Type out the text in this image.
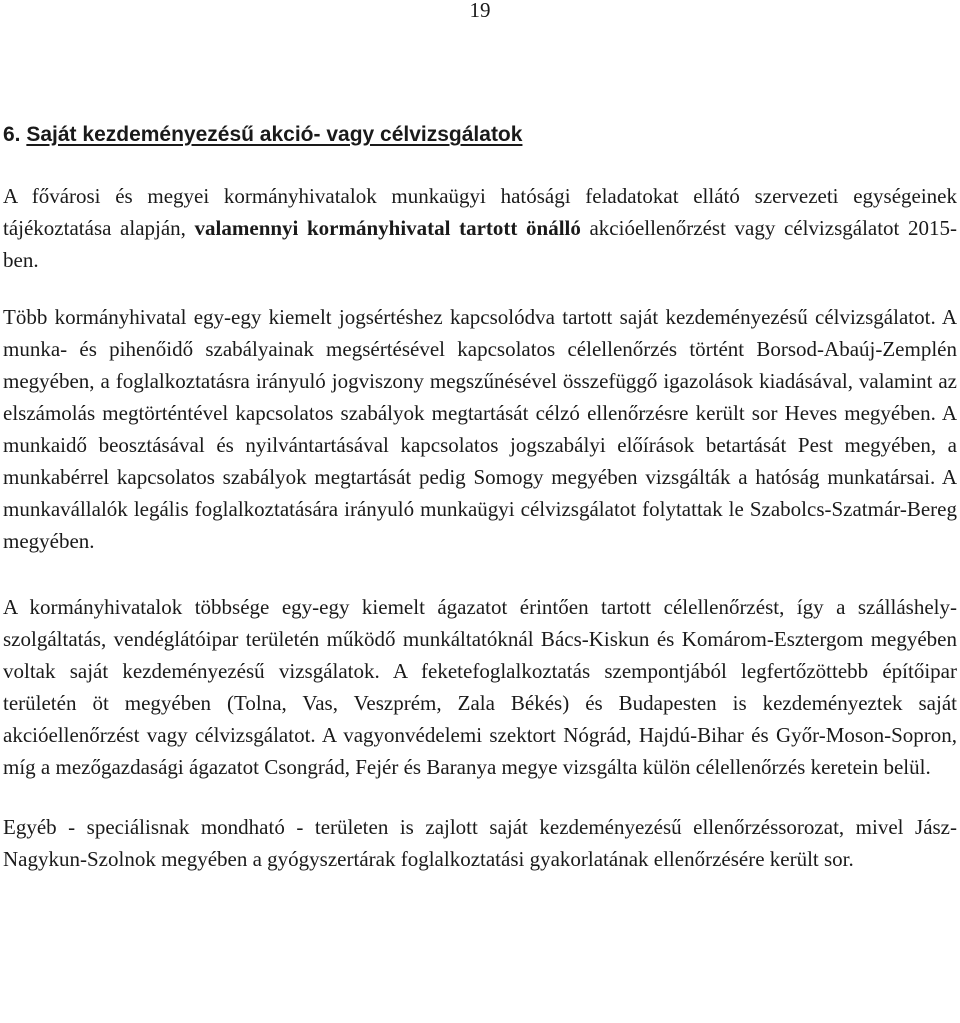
19
6. Saját kezdeményezésű akció- vagy célvizsgálatok

A fővárosi és megyei kormányhivatalok munkaügyi hatósági feladatokat ellátó szervezeti egységeinek tájékoztatása alapján, valamennyi kormányhivatal tartott önálló akcióellenőrzést vagy célvizsgálatot 2015-ben.

Több kormányhivatal egy-egy kiemelt jogsértéshez kapcsolódva tartott saját kezdeményezésű célvizsgálatot. A munka- és pihenőidő szabályainak megsértésével kapcsolatos célellenőrzés történt Borsod-Abaúj-Zemplén megyében, a foglalkoztatásra irányuló jogviszony megszűnésével összefüggő igazolások kiadásával, valamint az elszámolás megtörténtével kapcsolatos szabályok megtartását célzó ellenőrzésre került sor Heves megyében. A munkaidő beosztásával és nyilvántartásával kapcsolatos jogszabályi előírások betartását Pest megyében, a munkabérrel kapcsolatos szabályok megtartását pedig Somogy megyében vizsgálták a hatóság munkatársai. A munkavállalók legális foglalkoztatására irányuló munkaügyi célvizsgálatot folytattak le Szabolcs-Szatmár-Bereg megyében.

A kormányhivatalok többsége egy-egy kiemelt ágazatot érintően tartott célellenőrzést, így a szálláshely-szolgáltatás, vendéglátóipar területén működő munkáltatóknál Bács-Kiskun és Komárom-Esztergom megyében voltak saját kezdeményezésű vizsgálatok. A feketefoglalkoztatás szempontjából legfertőzöttebb építőipar területén öt megyében (Tolna, Vas, Veszprém, Zala Békés) és Budapesten is kezdeményeztek saját akcióellenőrzést vagy célvizsgálatot. A vagyonvédelemi szektort Nógrád, Hajdú-Bihar és Győr-Moson-Sopron, míg a mezőgazdasági ágazatot Csongrád, Fejér és Baranya megye vizsgálta külön célellenőrzés keretein belül.

Egyéb - speciálisnak mondható - területen is zajlott saját kezdeményezésű ellenőrzéssorozat, mivel Jász-Nagykun-Szolnok megyében a gyógyszertárak foglalkoztatási gyakorlatának ellenőrzésére került sor.
